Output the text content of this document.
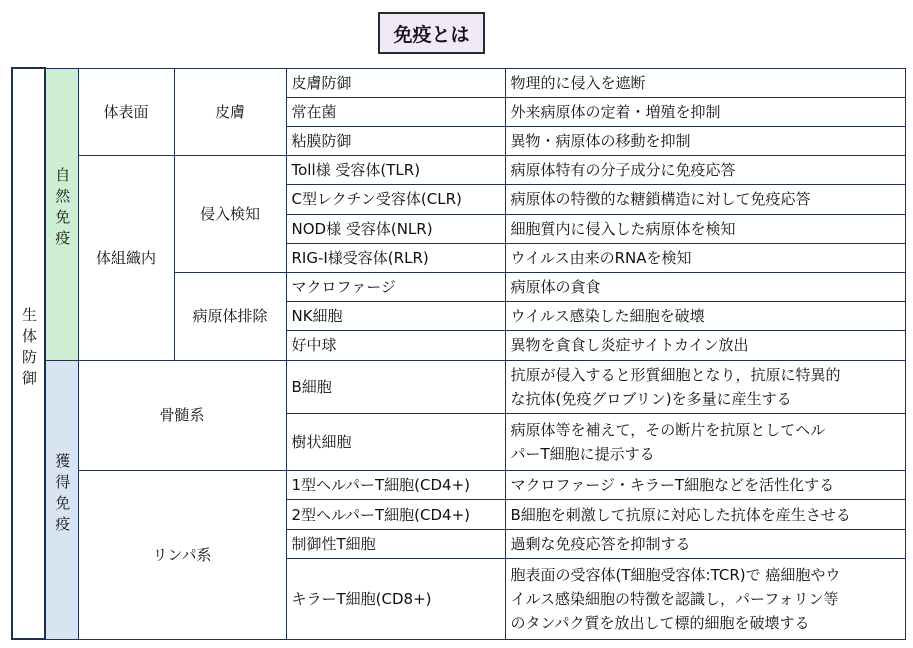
免疫とは
生体防御	自然免疫	体表面	皮膚	皮膚防御	物理的に侵入を遮断
				常在菌	外来病原体の定着・増殖を抑制
				粘膜防御	異物・病原体の移動を抑制
		体組織内	侵入検知	Toll様 受容体(TLR)	病原体特有の分子成分に免疫応答
				C型レクチン受容体(CLR)	病原体の特徴的な糖鎖構造に対して免疫応答
				NOD様 受容体(NLR)	細胞質内に侵入した病原体を検知
				RIG-I様受容体(RLR)	ウイルス由来のRNAを検知
			病原体排除	マクロファージ	病原体の貪食
				NK細胞	ウイルス感染した細胞を破壊
				好中球	異物を貪食し炎症サイトカイン放出
	獲得免疫	骨髄系		B細胞	抗原が侵入すると形質細胞となり，抗原に特異的
な抗体(免疫グロブリン)を多量に産生する

				樹状細胞	病原体等を補えて，その断片を抗原としてヘル
パーT細胞に提示する

		リンパ系		1型ヘルパーT細胞(CD4+)	マクロファージ・キラーT細胞などを活性化する
				2型ヘルパーT細胞(CD4+)	B細胞を刺激して抗原に対応した抗体を産生させる
				制御性T細胞	過剰な免疫応答を抑制する
				キラーT細胞(CD8+)	胞表面の受容体(T細胞受容体:TCR)で 癌細胞やウ
イルス感染細胞の特徴を認識し，パーフォリン等
のタンパク質を放出して標的細胞を破壊する
